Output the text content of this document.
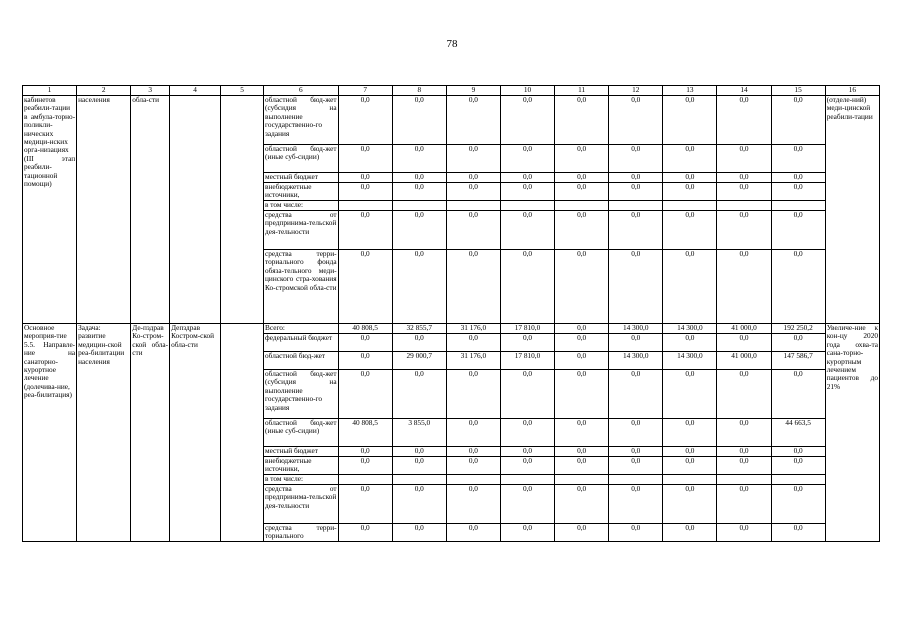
78
1	2	3	4	5	6	7	8	9	10	11	12	13	14	15	16
кабинетов реабили-тации в амбула-торно-поликли-нических медици-нских орга-низациях (III этап реабили-тационной помощи)	населения	обла-сти			областной бюд-жет (субсидия на выполнение государственно-го задания	0,0	0,0	0,0	0,0	0,0	0,0	0,0	0,0	0,0	(отделе-ний) меди-цинской реабили-тации
					областной бюд-жет (иные суб-сидии)	0,0	0,0	0,0	0,0	0,0	0,0	0,0	0,0	0,0	
					местный бюджет	0,0	0,0	0,0	0,0	0,0	0,0	0,0	0,0	0,0	
					внебюджетные источники,	0,0	0,0	0,0	0,0	0,0	0,0	0,0	0,0	0,0	
					в том числе:										
					средства от предпринима-тельской дея-тельности	0,0	0,0	0,0	0,0	0,0	0,0	0,0	0,0	0,0	
					средства терри-ториального фонда обяза-тельного меди-цинского стра-хования Ко-стромской обла-сти	0,0	0,0	0,0	0,0	0,0	0,0	0,0	0,0	0,0	
Основное мероприя-тие 5.5. Направле-ние на санаторно-курортное лечение (долечива-ние, реа-билитация)	Задача: развитие медицин-ской реа-билитации населения	Де-пздрав Ко-стром-ской обла-сти	Депздрав Костром-ской обла-сти		Всего:	40 808,5	32 855,7	31 176,0	17 810,0	0,0	14 300,0	14 300,0	41 000,0	192 250,2	Увеличе-ние к кон-цу 2020 года охва-та сана-торно-курортным лечением пациентов до 21%
					федеральный бюджет	0,0	0,0	0,0	0,0	0,0	0,0	0,0	0,0	0,0	
					областной бюд-жет	0,0	29 000,7	31 176,0	17 810,0	0,0	14 300,0	14 300,0	41 000,0	147 586,7	
					областной бюд-жет (субсидия на выполнение государственно-го задания	0,0	0,0	0,0	0,0	0,0	0,0	0,0	0,0	0,0	
					областной бюд-жет (иные суб-сидии)	40 808,5	3 855,0	0,0	0,0	0,0	0,0	0,0	0,0	44 663,5	
					местный бюджет	0,0	0,0	0,0	0,0	0,0	0,0	0,0	0,0	0,0	
					внебюджетные источники,	0,0	0,0	0,0	0,0	0,0	0,0	0,0	0,0	0,0	
					в том числе:										
					средства от предпринима-тельской дея-тельности	0,0	0,0	0,0	0,0	0,0	0,0	0,0	0,0	0,0	
					средства терри-ториального	0,0	0,0	0,0	0,0	0,0	0,0	0,0	0,0	0,0	
